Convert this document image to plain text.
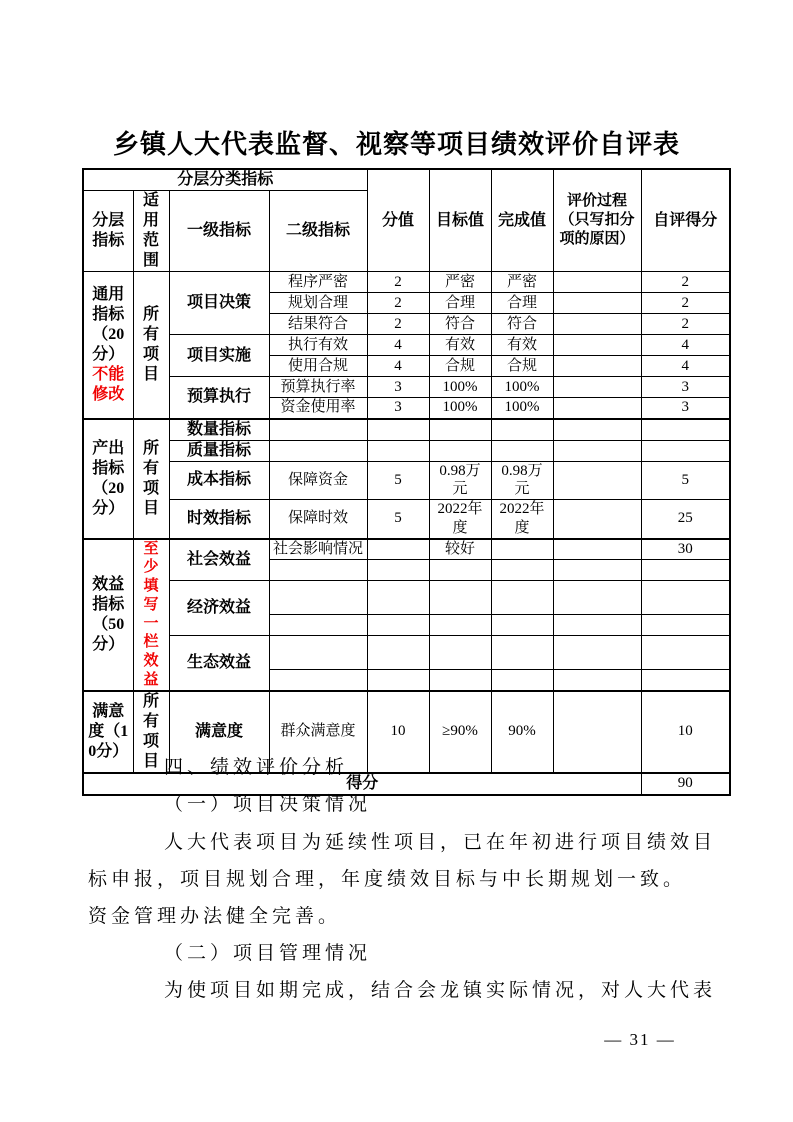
乡镇人大代表监督、视察等项目绩效评价自评表
分层分类指标				分值	目标值	完成值	评价过程（只写扣分项的原因）	自评得分
分层指标	适用范围	一级指标	二级指标					
通用指标（20分）不能修改	所有项目	项目决策	程序严密	2	严密	严密		2
			规划合理	2	合理	合理		2
			结果符合	2	符合	符合		2
		项目实施	执行有效	4	有效	有效		4
			使用合规	4	合规	合规		4
		预算执行	预算执行率	3	100%	100%		3
			资金使用率	3	100%	100%		3
产出指标（20分）	所有项目	数量指标						
		质量指标						
		成本指标	保障资金	5	0.98万元	0.98万元		5
		时效指标	保障时效	5	2022年度	2022年度		25
效益指标（50分）	至少填写一栏效益	社会效益	社会影响情况		较好			30

		经济效益						

		生态效益						

满意度（10分）	所有项目	满意度	群众满意度	10	≥90%	90%		10
得分								90
四、绩效评价分析
（一）项目决策情况
人大代表项目为延续性项目，已在年初进行项目绩效目
标申报，项目规划合理，年度绩效目标与中长期规划一致。
资金管理办法健全完善。
（二）项目管理情况
为使项目如期完成，结合会龙镇实际情况，对人大代表
— 31 —
